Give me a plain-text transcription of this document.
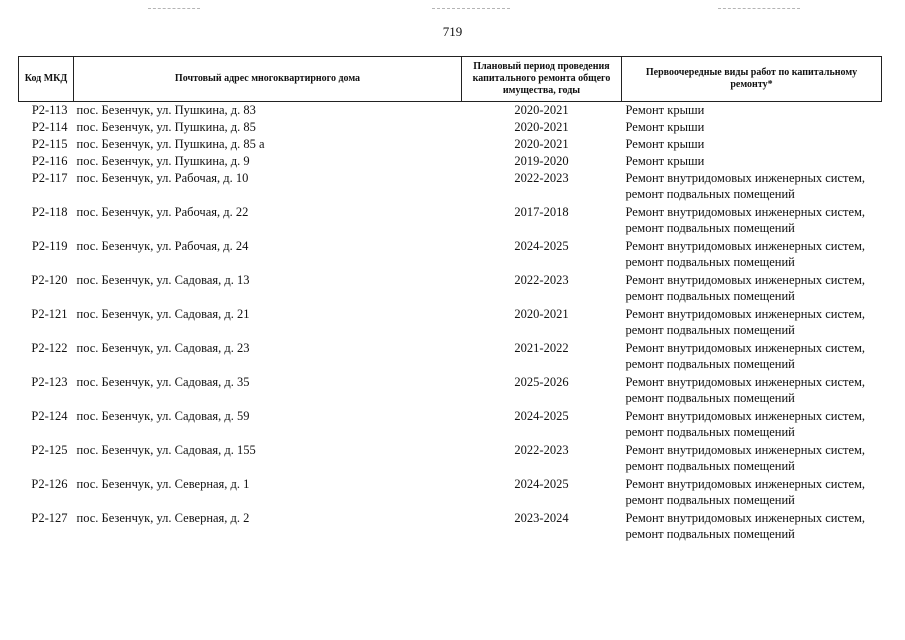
719
Код МКД	Почтовый адрес многоквартирного дома	Плановый период проведения капитального ремонта общего имущества, годы	Первоочередные виды работ по капитальному ремонту*
Р2-113	пос. Безенчук, ул. Пушкина, д. 83	2020-2021	Ремонт крыши

Р2-114	пос. Безенчук, ул. Пушкина, д. 85	2020-2021	Ремонт крыши

Р2-115	пос. Безенчук, ул. Пушкина, д. 85 а	2020-2021	Ремонт крыши

Р2-116	пос. Безенчук, ул. Пушкина, д. 9	2019-2020	Ремонт крыши

Р2-117	пос. Безенчук, ул. Рабочая, д. 10	2022-2023	Ремонт внутридомовых инженерных систем,
ремонт подвальных помещений

Р2-118	пос. Безенчук, ул. Рабочая, д. 22	2017-2018	Ремонт внутридомовых инженерных систем,
ремонт подвальных помещений

Р2-119	пос. Безенчук, ул. Рабочая, д. 24	2024-2025	Ремонт внутридомовых инженерных систем,
ремонт подвальных помещений

Р2-120	пос. Безенчук, ул. Садовая, д. 13	2022-2023	Ремонт внутридомовых инженерных систем,
ремонт подвальных помещений

Р2-121	пос. Безенчук, ул. Садовая, д. 21	2020-2021	Ремонт внутридомовых инженерных систем,
ремонт подвальных помещений

Р2-122	пос. Безенчук, ул. Садовая, д. 23	2021-2022	Ремонт внутридомовых инженерных систем,
ремонт подвальных помещений

Р2-123	пос. Безенчук, ул. Садовая, д. 35	2025-2026	Ремонт внутридомовых инженерных систем,
ремонт подвальных помещений

Р2-124	пос. Безенчук, ул. Садовая, д. 59	2024-2025	Ремонт внутридомовых инженерных систем,
ремонт подвальных помещений

Р2-125	пос. Безенчук, ул. Садовая, д. 155	2022-2023	Ремонт внутридомовых инженерных систем,
ремонт подвальных помещений

Р2-126	пос. Безенчук, ул. Северная, д. 1	2024-2025	Ремонт внутридомовых инженерных систем,
ремонт подвальных помещений

Р2-127	пос. Безенчук, ул. Северная, д. 2	2023-2024	Ремонт внутридомовых инженерных систем,
ремонт подвальных помещений
